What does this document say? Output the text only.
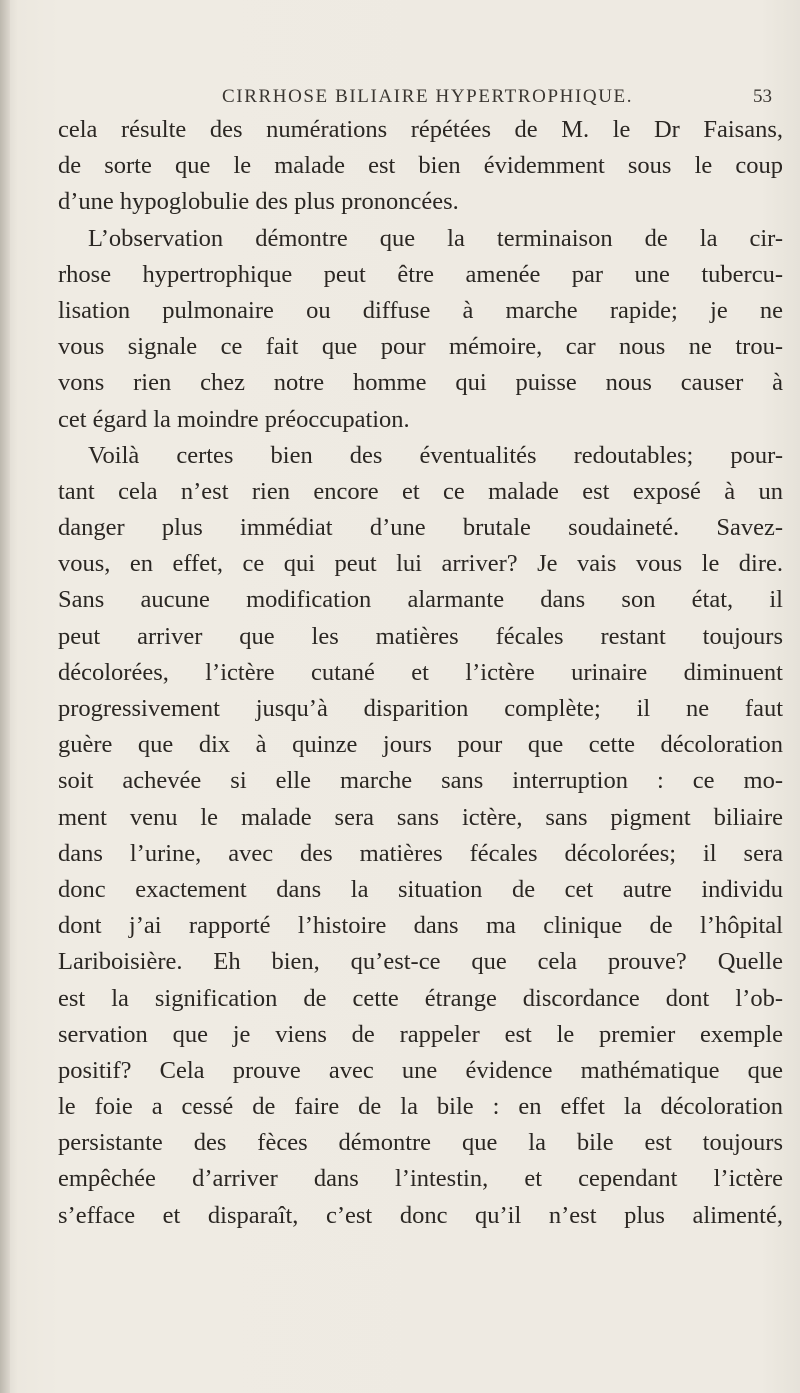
CIRRHOSE BILIAIRE HYPERTROPHIQUE.	53
cela résulte des numérations répétées de M. le Dr Faisans,
de sorte que le malade est bien évidemment sous le coup
d’une hypoglobulie des plus prononcées.
L’observation démontre que la terminaison de la cir-
rhose hypertrophique peut être amenée par une tubercu-
lisation pulmonaire ou diffuse à marche rapide; je ne
vous signale ce fait que pour mémoire, car nous ne trou-
vons rien chez notre homme qui puisse nous causer à
cet égard la moindre préoccupation.
Voilà certes bien des éventualités redoutables; pour-
tant cela n’est rien encore et ce malade est exposé à un
danger plus immédiat d’une brutale soudaineté. Savez-
vous, en effet, ce qui peut lui arriver? Je vais vous le dire.
Sans aucune modification alarmante dans son état, il
peut arriver que les matières fécales restant toujours
décolorées, l’ictère cutané et l’ictère urinaire diminuent
progressivement jusqu’à disparition complète; il ne faut
guère que dix à quinze jours pour que cette décoloration
soit achevée si elle marche sans interruption : ce mo-
ment venu le malade sera sans ictère, sans pigment biliaire
dans l’urine, avec des matières fécales décolorées; il sera
donc exactement dans la situation de cet autre individu
dont j’ai rapporté l’histoire dans ma clinique de l’hôpital
Lariboisière. Eh bien, qu’est-ce que cela prouve? Quelle
est la signification de cette étrange discordance dont l’ob-
servation que je viens de rappeler est le premier exemple
positif? Cela prouve avec une évidence mathématique que
le foie a cessé de faire de la bile : en effet la décoloration
persistante des fèces démontre que la bile est toujours
empêchée d’arriver dans l’intestin, et cependant l’ictère
s’efface et disparaît, c’est donc qu’il n’est plus alimenté,
